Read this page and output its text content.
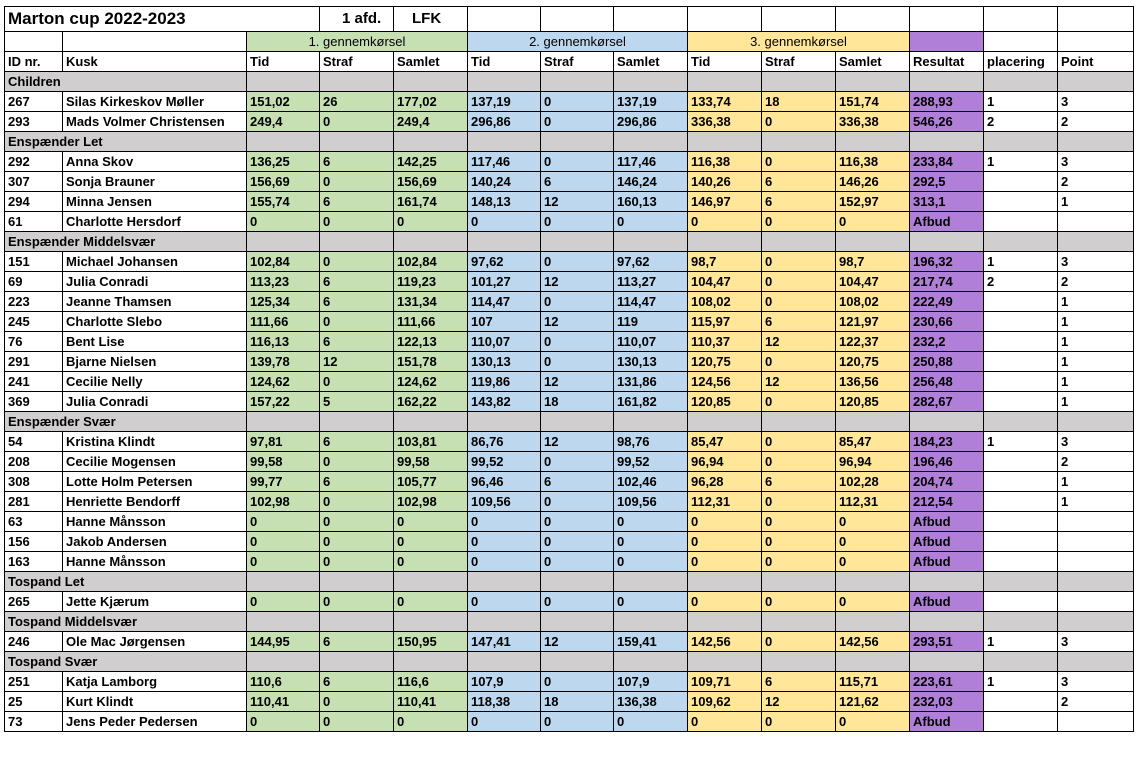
Marton cup 2022-2023			1 afd.	LFK									
		1. gennemkørsel			2. gennemkørsel			3. gennemkørsel					
ID nr.	Kusk	Tid	Straf	Samlet	Tid	Straf	Samlet	Tid	Straf	Samlet	Resultat	placering	Point
Children													
267	Silas Kirkeskov Møller	151,02	26	177,02	137,19	0	137,19	133,74	18	151,74	288,93	1	3
293	Mads Volmer Christensen	249,4	0	249,4	296,86	0	296,86	336,38	0	336,38	546,26	2	2
Enspænder Let													
292	Anna Skov	136,25	6	142,25	117,46	0	117,46	116,38	0	116,38	233,84	1	3
307	Sonja Brauner	156,69	0	156,69	140,24	6	146,24	140,26	6	146,26	292,5		2
294	Minna Jensen	155,74	6	161,74	148,13	12	160,13	146,97	6	152,97	313,1		1
61	Charlotte Hersdorf	0	0	0	0	0	0	0	0	0	Afbud		
Enspænder Middelsvær													
151	Michael Johansen	102,84	0	102,84	97,62	0	97,62	98,7	0	98,7	196,32	1	3
69	Julia Conradi	113,23	6	119,23	101,27	12	113,27	104,47	0	104,47	217,74	2	2
223	Jeanne Thamsen	125,34	6	131,34	114,47	0	114,47	108,02	0	108,02	222,49		1
245	Charlotte Slebo	111,66	0	111,66	107	12	119	115,97	6	121,97	230,66		1
76	Bent Lise	116,13	6	122,13	110,07	0	110,07	110,37	12	122,37	232,2		1
291	Bjarne Nielsen	139,78	12	151,78	130,13	0	130,13	120,75	0	120,75	250,88		1
241	Cecilie Nelly	124,62	0	124,62	119,86	12	131,86	124,56	12	136,56	256,48		1
369	Julia Conradi	157,22	5	162,22	143,82	18	161,82	120,85	0	120,85	282,67		1
Enspænder Svær													
54	Kristina Klindt	97,81	6	103,81	86,76	12	98,76	85,47	0	85,47	184,23	1	3
208	Cecilie Mogensen	99,58	0	99,58	99,52	0	99,52	96,94	0	96,94	196,46		2
308	Lotte Holm Petersen	99,77	6	105,77	96,46	6	102,46	96,28	6	102,28	204,74		1
281	Henriette Bendorff	102,98	0	102,98	109,56	0	109,56	112,31	0	112,31	212,54		1
63	Hanne Månsson	0	0	0	0	0	0	0	0	0	Afbud		
156	Jakob Andersen	0	0	0	0	0	0	0	0	0	Afbud		
163	Hanne Månsson	0	0	0	0	0	0	0	0	0	Afbud		
Tospand Let													
265	Jette Kjærum	0	0	0	0	0	0	0	0	0	Afbud		
Tospand Middelsvær													
246	Ole Mac Jørgensen	144,95	6	150,95	147,41	12	159,41	142,56	0	142,56	293,51	1	3
Tospand Svær													
251	Katja Lamborg	110,6	6	116,6	107,9	0	107,9	109,71	6	115,71	223,61	1	3
25	Kurt Klindt	110,41	0	110,41	118,38	18	136,38	109,62	12	121,62	232,03		2
73	Jens Peder Pedersen	0	0	0	0	0	0	0	0	0	Afbud		
